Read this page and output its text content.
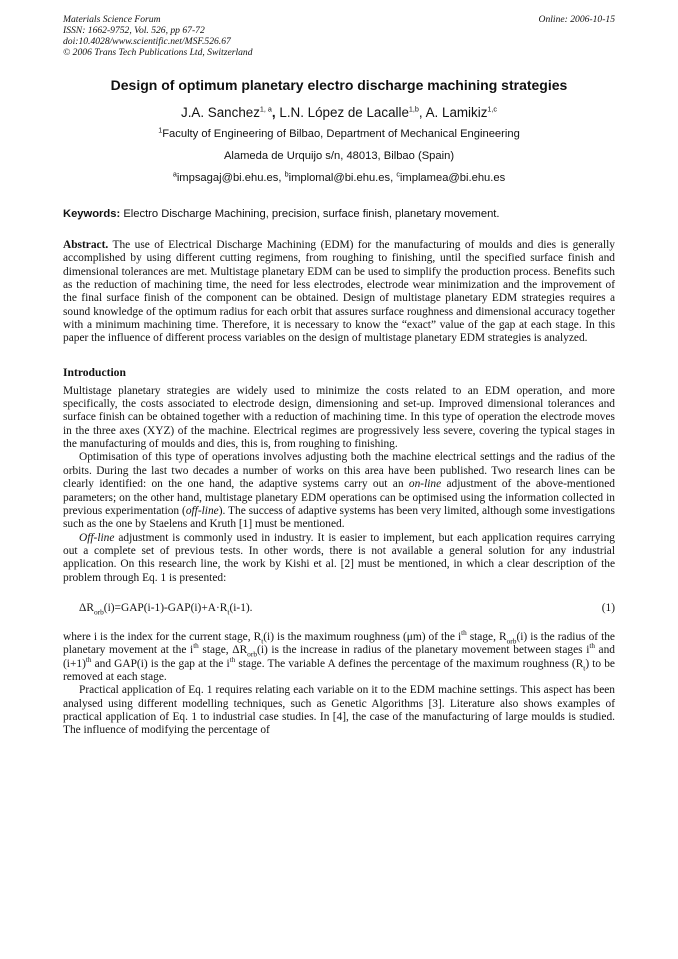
Materials Science Forum
ISSN: 1662-9752, Vol. 526, pp 67-72
doi:10.4028/www.scientific.net/MSF.526.67
© 2006 Trans Tech Publications Ltd, Switzerland
Online: 2006-10-15
Design of optimum planetary electro discharge machining strategies
J.A. Sanchez$^{1, a}$, L.N. López de Lacalle$^{1,b}$, A. Lamikiz$^{1,c}$
$^1$Faculty of Engineering of Bilbao, Department of Mechanical Engineering
Alameda de Urquijo s/n, 48013, Bilbao (Spain)
$^a$impsagaj@bi.ehu.es, $^b$implomal@bi.ehu.es, $^c$implamea@bi.ehu.es
Keywords: Electro Discharge Machining, precision, surface finish, planetary movement.

Abstract. The use of Electrical Discharge Machining (EDM) for the manufacturing of moulds and dies is generally accomplished by using different cutting regimens, from roughing to finishing, until the specified surface finish and dimensional tolerances are met. Multistage planetary EDM can be used to simplify the production process. Benefits such as the reduction of machining time, the need for less electrodes, electrode wear minimization and the improvement of the final surface finish of the component can be obtained. Design of multistage planetary EDM strategies requires a sound knowledge of the optimum radius for each orbit that assures surface roughness and dimensional accuracy together with a minimum machining time. Therefore, it is necessary to know the “exact” value of the gap at each stage. In this paper the influence of different process variables on the design of multistage planetary EDM strategies is analyzed.

Introduction

Multistage planetary strategies are widely used to minimize the costs related to an EDM operation, and more specifically, the costs associated to electrode design, dimensioning and set-up. Improved dimensional tolerances and surface finish can be obtained together with a reduction of machining time. In this type of operation the electrode moves in the three axes (XYZ) of the machine. Electrical regimes are progressively less severe, covering the typical stages in the manufacturing of moulds and dies, this is, from roughing to finishing.

Optimisation of this type of operations involves adjusting both the machine electrical settings and the radius of the orbits. During the last two decades a number of works on this area have been published. Two research lines can be clearly identified: on the one hand, the adaptive systems carry out an on-line adjustment of the above-mentioned parameters; on the other hand, multistage planetary EDM operations can be optimised using the information collected in previous experimentation (off-line). The success of adaptive systems has been very limited, although some investigations such as the one by Staelens and Kruth [1] must be mentioned.

Off-line adjustment is commonly used in industry. It is easier to implement, but each application requires carrying out a complete set of previous tests. In other words, there is not available a general solution for any industrial application. On this research line, the work by Kishi et al. [2] must be mentioned, in which a clear description of the problem through Eq. 1 is presented:

$\Delta R_{orb}(i)=GAP(i-1)-GAP(i)+A\cdot R_t(i-1)$.	(1)

where i is the index for the current stage, $R_t(i)$ is the maximum roughness (μm) of the $i^{th}$ stage, $R_{orb}(i)$ is the radius of the planetary movement at the $i^{th}$ stage, $\Delta R_{orb}(i)$ is the increase in radius of the planetary movement between stages $i^{th}$ and $(i+1)^{th}$ and GAP(i) is the gap at the $i^{th}$ stage. The variable A defines the percentage of the maximum roughness $(R_t)$ to be removed at each stage.

Practical application of Eq. 1 requires relating each variable on it to the EDM machine settings. This aspect has been analysed using different modelling techniques, such as Genetic Algorithms [3]. Literature also shows examples of practical application of Eq. 1 to industrial case studies. In [4], the case of the manufacturing of large moulds is studied. The influence of modifying the percentage of
